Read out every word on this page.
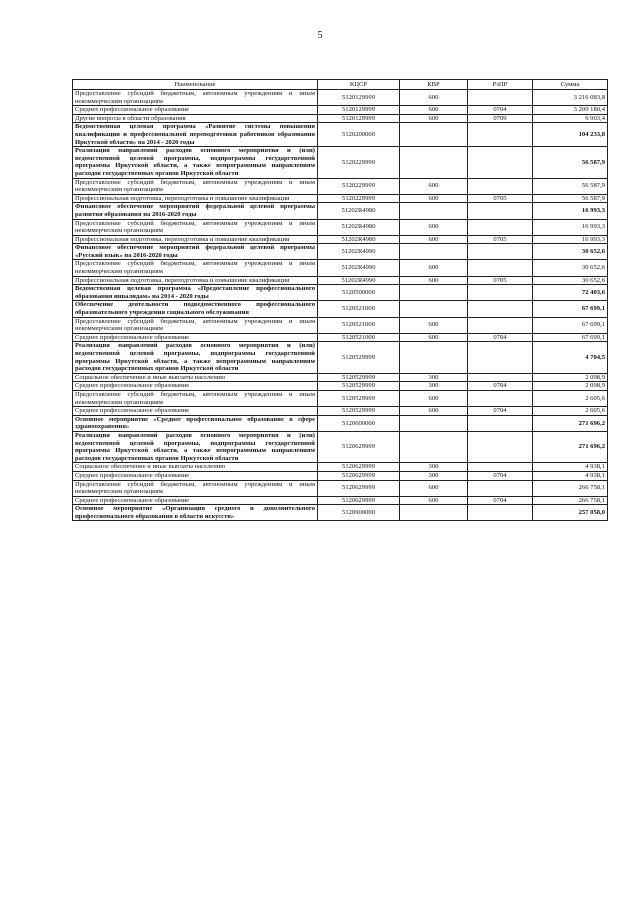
5
Наименование	КЦСР	КВР	РзПР	Сумма
Предоставление субсидий бюджетным, автономным учреждениям и иным некоммерческим организациям	5120129999	600		3 216 083,8
Среднее профессиональное образование	5120129999	600	0704	3 209 180,4
Другие вопросы в области образования	5120129999	600	0709	6 903,4
Ведомственная целевая программа «Развитие системы повышения квалификации и профессиональной переподготовки работников образования Иркутской области» на 2014 - 2020 годы	5120200000			104 233,8
Реализация направлений расходов основного мероприятия и (или) ведомственной целевой программы, подпрограммы государственной программы Иркутской области, а также непрограммным направлениям расходов государственных органов Иркутской области	5120229999			56 587,9
Предоставление субсидий бюджетным, автономным учреждениям и иным некоммерческим организациям	5120229999	600		56 587,9
Профессиональная подготовка, переподготовка и повышение квалификации	5120229999	600	0705	56 587,9
Финансовое обеспечение мероприятий федеральной целевой программы развития образования на 2016-2020 годы	51202R4980			16 993,3
Предоставление субсидий бюджетным, автономным учреждениям и иным некоммерческим организациям	51202R4980	600		16 993,3
Профессиональная подготовка, переподготовка и повышение квалификации	51202R4980	600	0705	16 993,3
Финансовое обеспечение мероприятий федеральной целевой программы «Русский язык» на 2016-2020 годы	51202R4990			30 652,6
Предоставление субсидий бюджетным, автономным учреждениям и иным некоммерческим организациям	51202R4990	600		30 652,6
Профессиональная подготовка, переподготовка и повышение квалификации	51202R4990	600	0705	30 652,6
Ведомственная целевая программа «Предоставление профессионального образования инвалидам» на 2014 - 2020 годы	5120500000			72 403,6
Обеспечение деятельности подведомственного профессионального образовательного учреждения социального обслуживания	5120521000			67 699,1
Предоставление субсидий бюджетным, автономным учреждениям и иным некоммерческим организациям	5120521000	600		67 699,1
Среднее профессиональное образование	5120521000	600	0704	67 699,1
Реализация направлений расходов основного мероприятия и (или) ведомственной целевой программы, подпрограммы государственной программы Иркутской области, а также непрограммным направлениям расходов государственных органов Иркутской области	5120529999			4 704,5
Социальное обеспечение и иные выплаты населению	5120529999	300		2 098,9
Среднее профессиональное образование	5120529999	300	0704	2 098,9
Предоставление субсидий бюджетным, автономным учреждениям и иным некоммерческим организациям	5120529999	600		2 605,6
Среднее профессиональное образование	5120529999	600	0704	2 605,6
Основное мероприятие «Среднее профессиональное образование в сфере здравоохранения»	5120600000			271 696,2
Реализация направлений расходов основного мероприятия и (или) ведомственной целевой программы, подпрограммы государственной программы Иркутской области, а также непрограммным направлениям расходов государственных органов Иркутской области	5120629999			271 696,2
Социальное обеспечение и иные выплаты населению	5120629999	300		4 938,1
Среднее профессиональное образование	5120629999	300	0704	4 938,1
Предоставление субсидий бюджетным, автономным учреждениям и иным некоммерческим организациям	5120629999	600		266 758,1
Среднее профессиональное образование	5120629999	600	0704	266 758,1
Основное мероприятие «Организация среднего и дополнительного профессионального образования в области искусств»	5120900000			257 058,0
